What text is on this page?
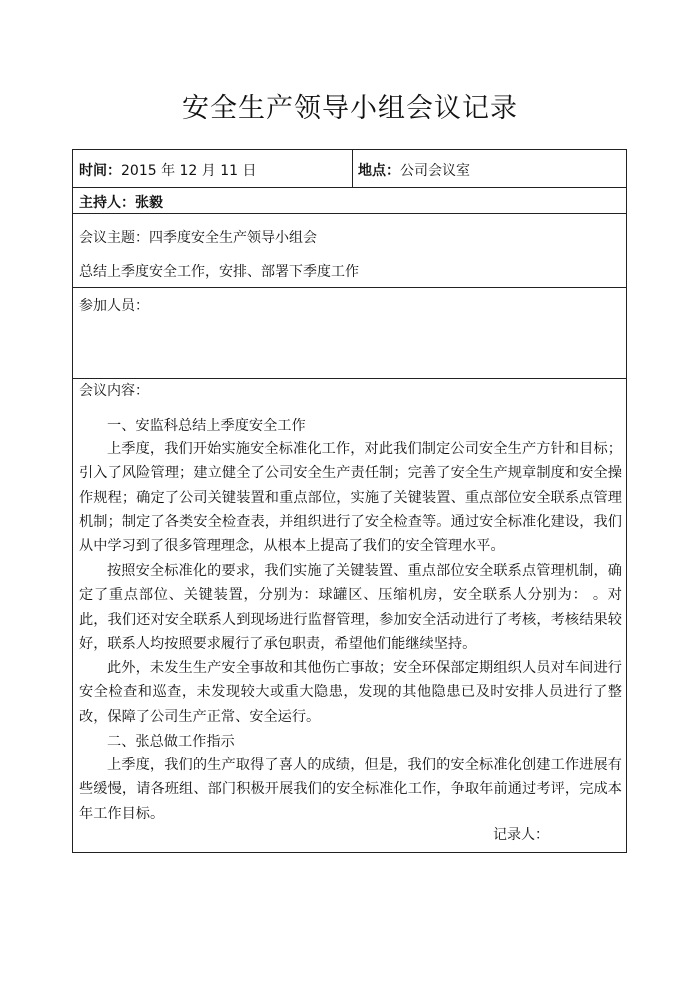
安全生产领导小组会议记录
时间：2015 年 12 月 11 日	地点：公司会议室
主持人：张毅
会议主题：四季度安全生产领导小组会
总结上季度安全工作，安排、部署下季度工作
参加人员：
会议内容：
一、安监科总结上季度安全工作
上季度，我们开始实施安全标准化工作，对此我们制定公司安全生产方针和目标；引入了风险管理；建立健全了公司安全生产责任制；完善了安全生产规章制度和安全操作规程；确定了公司关键装置和重点部位，实施了关键装置、重点部位安全联系点管理机制；制定了各类安全检查表，并组织进行了安全检查等。通过安全标准化建设，我们从中学习到了很多管理理念，从根本上提高了我们的安全管理水平。
按照安全标准化的要求，我们实施了关键装置、重点部位安全联系点管理机制，确定了重点部位、关键装置，分别为：球罐区、压缩机房，安全联系人分别为： 。对此，我们还对安全联系人到现场进行监督管理，参加安全活动进行了考核，考核结果较好，联系人均按照要求履行了承包职责，希望他们能继续坚持。
此外，未发生生产安全事故和其他伤亡事故；安全环保部定期组织人员对车间进行安全检查和巡查，未发现较大或重大隐患，发现的其他隐患已及时安排人员进行了整改，保障了公司生产正常、安全运行。
二、张总做工作指示
上季度，我们的生产取得了喜人的成绩，但是，我们的安全标准化创建工作进展有些缓慢，请各班组、部门积极开展我们的安全标准化工作，争取年前通过考评，完成本年工作目标。
记录人：
